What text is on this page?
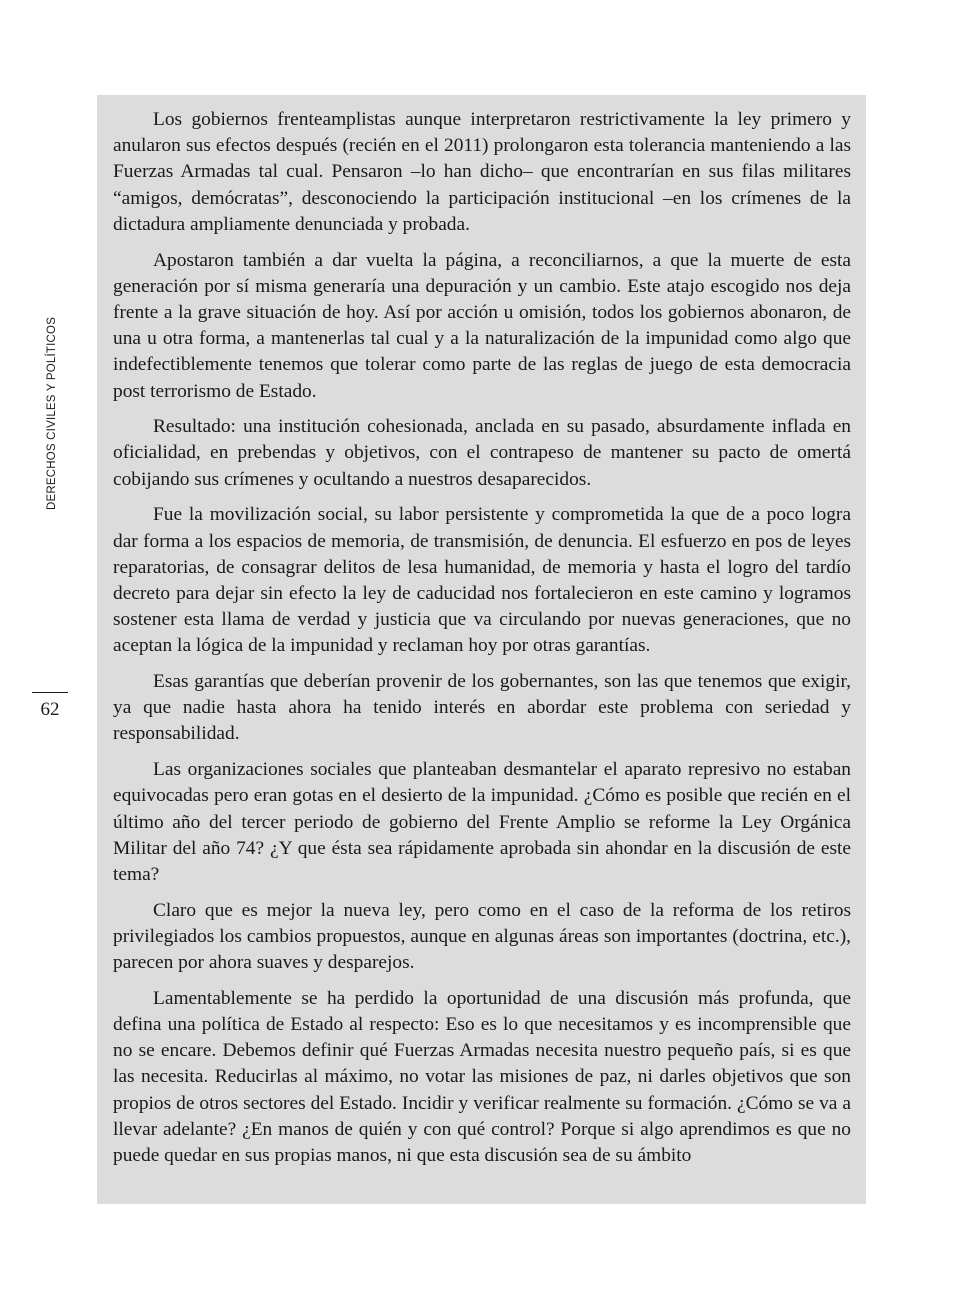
DERECHOS CIVILES Y POLÍTICOS
62

Los gobiernos frenteamplistas aunque interpretaron restrictivamente la ley primero y anularon sus efectos después (recién en el 2011) prolongaron esta tolerancia manteniendo a las Fuerzas Armadas tal cual. Pensaron –lo han dicho– que encontrarían en sus filas militares “amigos, demócratas”, desconociendo la participación institucional –en los crímenes de la dictadura ampliamente denunciada y probada.

Apostaron también a dar vuelta la página, a reconciliarnos, a que la muerte de esta generación por sí misma generaría una depuración y un cambio. Este atajo escogido nos deja frente a la grave situación de hoy. Así por acción u omisión, todos los gobiernos abonaron, de una u otra forma, a mantenerlas tal cual y a la naturalización de la impunidad como algo que indefectiblemente tenemos que tolerar como parte de las reglas de juego de esta democracia post terrorismo de Estado.

Resultado: una institución cohesionada, anclada en su pasado, absurdamente inflada en oficialidad, en prebendas y objetivos, con el contrapeso de mantener su pacto de omertá cobijando sus crímenes y ocultando a nuestros desaparecidos.

Fue la movilización social, su labor persistente y comprometida la que de a poco logra dar forma a los espacios de memoria, de transmisión, de denuncia. El esfuerzo en pos de leyes reparatorias, de consagrar delitos de lesa humanidad, de memoria y hasta el logro del tardío decreto para dejar sin efecto la ley de caducidad nos fortalecieron en este camino y logramos sostener esta llama de verdad y justicia que va circulando por nuevas generaciones, que no aceptan la lógica de la impunidad y reclaman hoy por otras garantías.

Esas garantías que deberían provenir de los gobernantes, son las que tenemos que exigir, ya que nadie hasta ahora ha tenido interés en abordar este problema con seriedad y responsabilidad.

Las organizaciones sociales que planteaban desmantelar el aparato represivo no estaban equivocadas pero eran gotas en el desierto de la impunidad. ¿Cómo es posible que recién en el último año del tercer periodo de gobierno del Frente Amplio se reforme la Ley Orgánica Militar del año 74? ¿Y que ésta sea rápidamente aprobada sin ahondar en la discusión de este tema?

Claro que es mejor la nueva ley, pero como en el caso de la reforma de los retiros privilegiados los cambios propuestos, aunque en algunas áreas son importantes (doctrina, etc.), parecen por ahora suaves y desparejos.

Lamentablemente se ha perdido la oportunidad de una discusión más profunda, que defina una política de Estado al respecto: Eso es lo que necesitamos y es incomprensible que no se encare. Debemos definir qué Fuerzas Armadas necesita nuestro pequeño país, si es que las necesita. Reducirlas al máximo, no votar las misiones de paz, ni darles objetivos que son propios de otros sectores del Estado. Incidir y verificar realmente su formación. ¿Cómo se va a llevar adelante? ¿En manos de quién y con qué control? Porque si algo aprendimos es que no puede quedar en sus propias manos, ni que esta discusión sea de su ámbito
